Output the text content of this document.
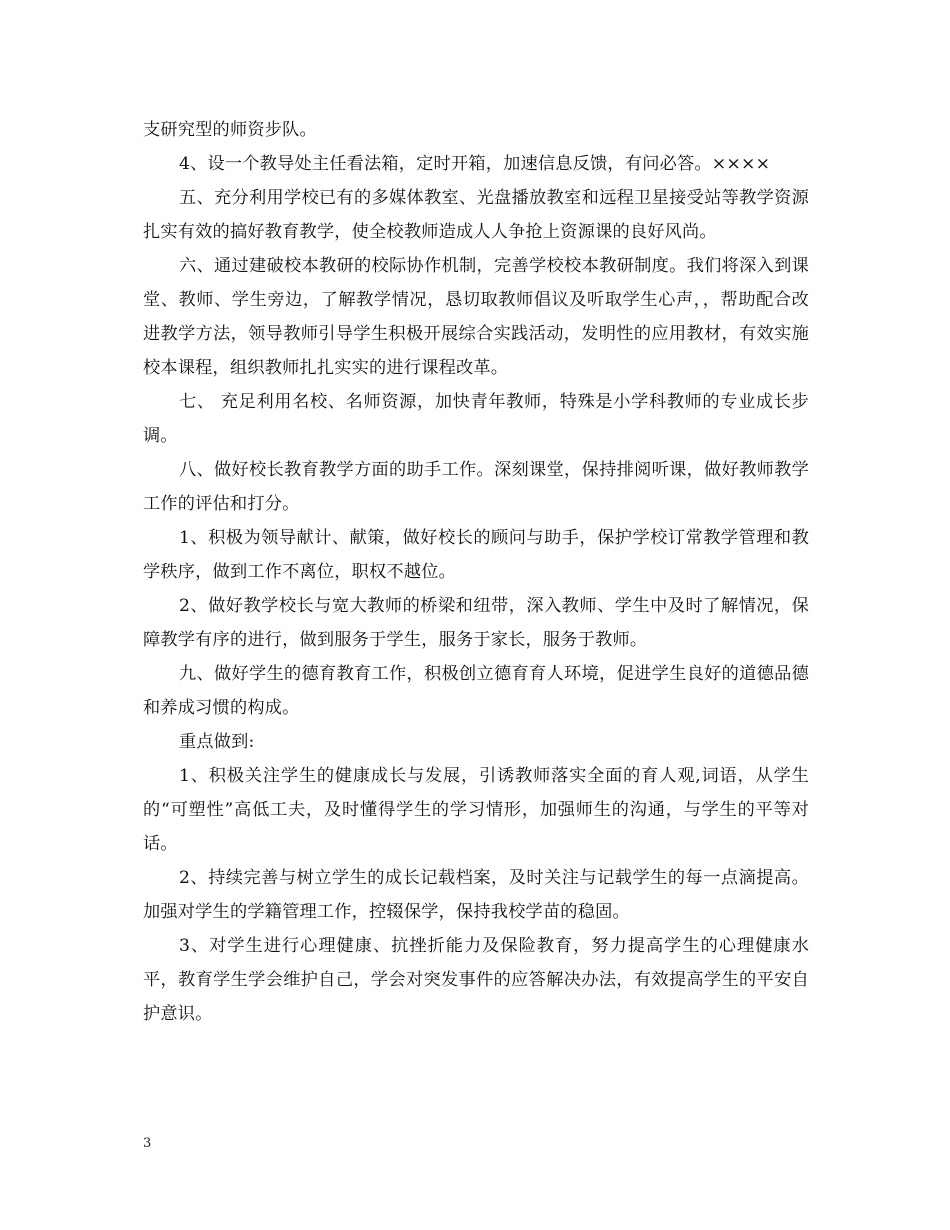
支研究型的师资步队。

4、设一个教导处主任看法箱，定时开箱，加速信息反馈，有问必答。××××

五、充分利用学校已有的多媒体教室、光盘播放教室和远程卫星接受站等教学资源扎实有效的搞好教育教学，使全校教师造成人人争抢上资源课的良好风尚。

六、通过建破校本教研的校际协作机制，完善学校校本教研制度。我们将深入到课堂、教师、学生旁边，了解教学情况，恳切取教师倡议及听取学生心声，，帮助配合改进教学方法，领导教师引导学生积极开展综合实践活动，发明性的应用教材，有效实施校本课程，组织教师扎扎实实的进行课程改革。

七、 充足利用名校、名师资源，加快青年教师，特殊是小学科教师的专业成长步调。

八、做好校长教育教学方面的助手工作。深刻课堂，保持排阅听课，做好教师教学工作的评估和打分。

1、积极为领导献计、献策，做好校长的顾问与助手，保护学校订常教学管理和教学秩序，做到工作不离位，职权不越位。

2、做好教学校长与宽大教师的桥梁和纽带，深入教师、学生中及时了解情况，保障教学有序的进行，做到服务于学生，服务于家长，服务于教师。

九、做好学生的德育教育工作，积极创立德育育人环境，促进学生良好的道德品德和养成习惯的构成。

重点做到:

1、积极关注学生的健康成长与发展，引诱教师落实全面的育人观,词语，从学生的“可塑性”高低工夫，及时懂得学生的学习情形，加强师生的沟通，与学生的平等对话。

2、持续完善与树立学生的成长记载档案，及时关注与记载学生的每一点滴提高。加强对学生的学籍管理工作，控辍保学，保持我校学苗的稳固。

3、对学生进行心理健康、抗挫折能力及保险教育，努力提高学生的心理健康水平，教育学生学会维护自己，学会对突发事件的应答解决办法，有效提高学生的平安自护意识。

3
